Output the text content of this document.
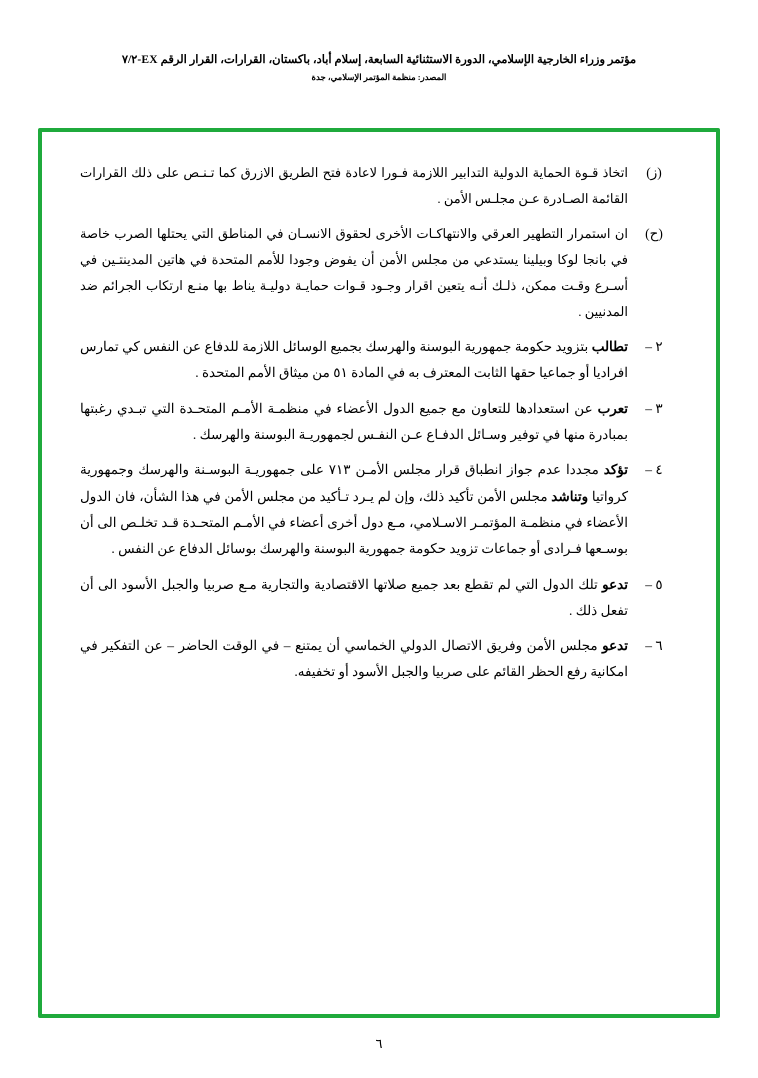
مؤتمر وزراء الخارجية الإسلامي، الدورة الاستثنائية السابعة، إسلام أباد، باكستان، القرارات، القرار الرقم EX-٧/٢
المصدر: منظمة المؤتمر الإسلامي، جدة
(ز)
اتخاذ قـوة الحماية الدولية التدابير اللازمة فـورا لاعادة فتح الطريق الازرق كما تـنـص على ذلك القرارات القائمة الصـادرة عـن مجلـس الأمن .
(ح)
ان استمرار التطهير العرقي والانتهاكـات الأخرى لحقوق الانسـان في المناطق التي يحتلها الصرب خاصة في بانجا لوكا وبيلينا يستدعي من مجلس الأمن أن يفوض وجودا للأمم المتحدة في هاتين المدينتـين في أسـرع وقـت ممكن، ذلـك أنـه يتعين اقرار وجـود قـوات حمايـة دوليـة يناط بها منـع ارتكاب الجرائم ضد المدنيين .
٢ –
تطالب بتزويد حكومة جمهورية البوسنة والهرسك بجميع الوسائل اللازمة للدفاع عن النفس كي تمارس افرادیا أو جماعيا حقها الثابت المعترف به في المادة ٥١ من ميثاق الأمم المتحدة .
٣ –
تعرب عن استعدادها للتعاون مع جميع الدول الأعضاء في منظمـة الأمـم المتحـدة التي تبـدي رغبتها بمبادرة منها في توفير وسـائل الدفـاع عـن النفـس لجمهوريـة البوسنة والهرسك .
٤ –
تؤكد مجددا عدم جواز انطباق قرار مجلس الأمـن ٧١٣ على جمهوريـة البوسـنة والهرسك وجمهورية كرواتيا وتناشد مجلس الأمن تأكيد ذلك، وإن لم يـرد تـأكيد من مجلس الأمن في هذا الشأن، فان الدول الأعضاء في منظمـة المؤتمـر الاسـلامي، مـع دول أخرى أعضاء في الأمـم المتحـدة قـد تخلـص الى أن بوسـعها فـرادى أو جماعات تزويد حكومة جمهورية البوسنة والهرسك بوسائل الدفاع عن النفس .
٥ –
تدعو تلك الدول التي لم تقطع بعد جميع صلاتها الاقتصادية والتجارية مـع صربيا والجبل الأسود الى أن تفعل ذلك .
٦ –
تدعو مجلس الأمن وفريق الاتصال الدولي الخماسي أن يمتنع – في الوقت الحاضر – عن التفكير في امكانية رفع الحظر القائم على صربيا والجبل الأسود أو تخفيفه.
٦
